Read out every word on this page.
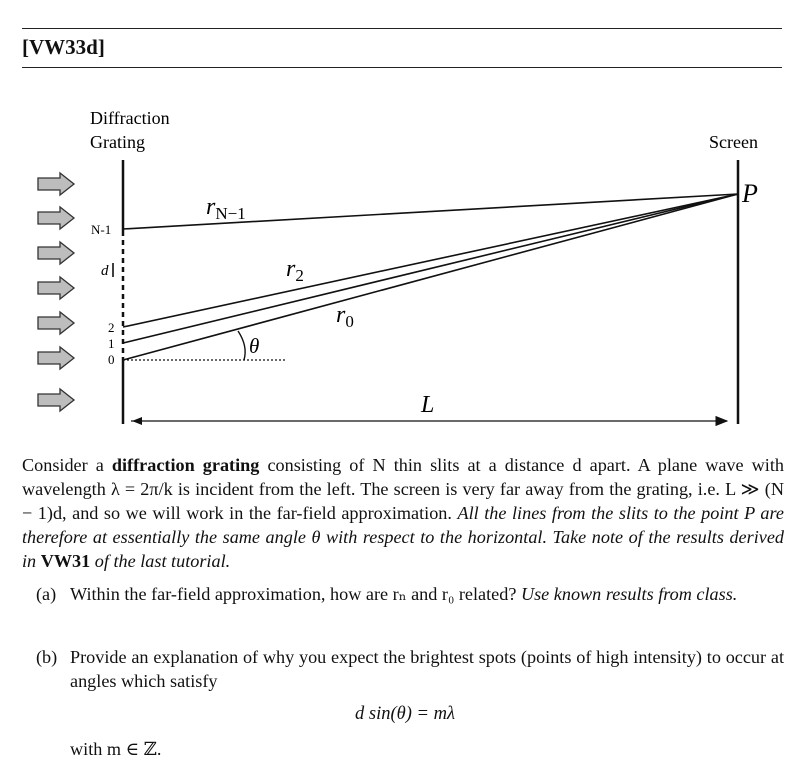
[VW33d]
Diffraction
Grating	Screen
P
N-1
d
2
1
0
$r_{N-1}$
$r_2$
$r_0$
θ
L
Consider a diffraction grating consisting of N thin slits at a distance d apart. A plane wave with wavelength λ = 2π/k is incident from the left. The screen is very far away from the grating, i.e. L ≫ (N − 1)d, and so we will work in the far-field approximation. All the lines from the slits to the point P are therefore at essentially the same angle θ with respect to the horizontal. Take note of the results derived in VW31 of the last tutorial.
(a) Within the far-field approximation, how are rₙ and r₀ related? Use known results from class.
(b) Provide an explanation of why you expect the brightest spots (points of high intensity) to occur at angles which satisfy
d sin(θ) = mλ
with m ∈ ℤ.
